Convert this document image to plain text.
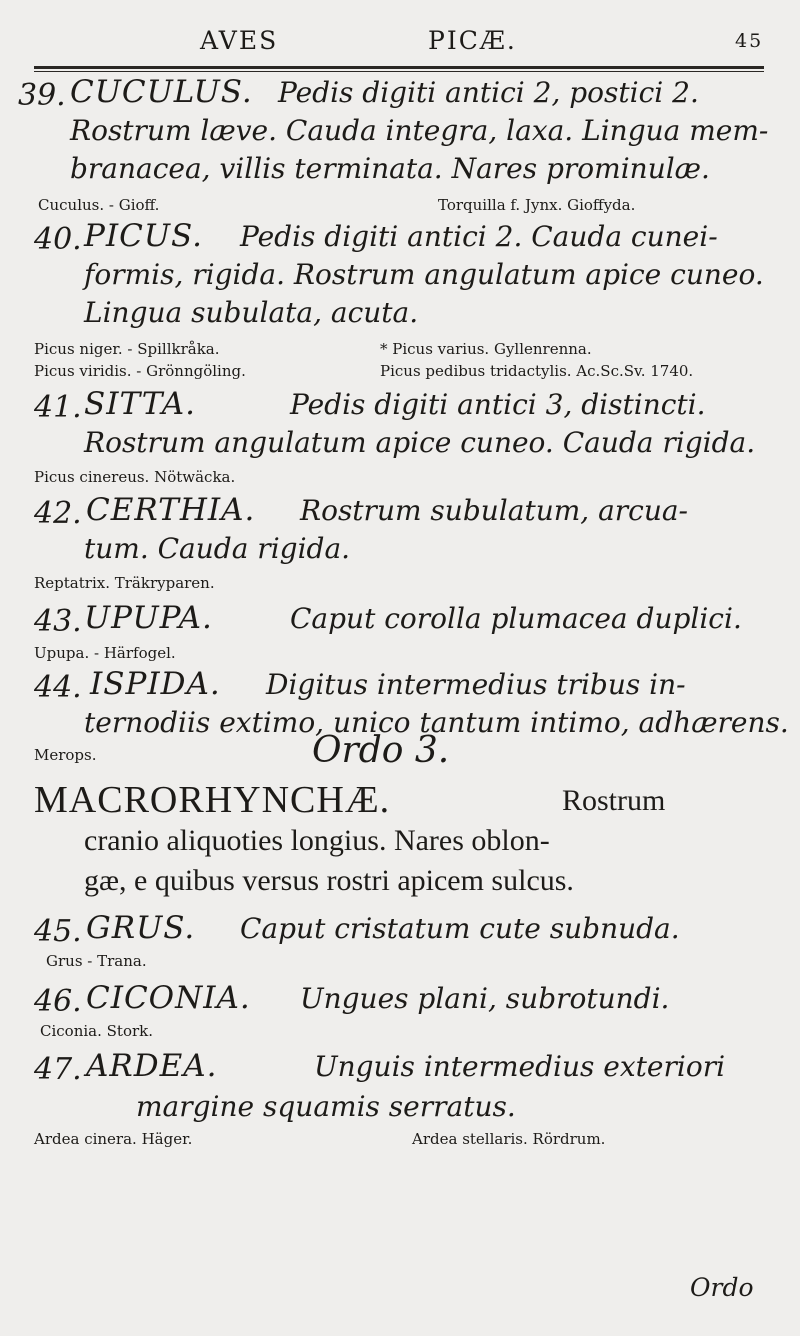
AVES	PICÆ.	45
39. CUCULUS. Pedis digiti antici 2, postici 2.
Rostrum læve. Cauda integra, laxa. Lingua mem-
branacea, villis terminata. Nares prominulæ.
Cuculus. - Gioff.	Torquilla f. Jynx. Gioffyda.
40. PICUS. Pedis digiti antici 2. Cauda cunei-
formis, rigida. Rostrum angulatum apice cuneo.
Lingua subulata, acuta.
Picus niger. - Spillkråka.	* Picus varius. Gyllenrenna.
Picus viridis. - Grönngöling.	Picus pedibus tridactylis. Ac.Sc.Sv. 1740.
41. SITTA.	Pedis digiti antici 3, distincti.
Rostrum angulatum apice cuneo. Cauda rigida.
Picus cinereus. Nötwäcka.
42. CERTHIA. Rostrum subulatum, arcua-
tum. Cauda rigida.
Reptatrix. Träkryparen.
43. UPUPA.	Caput corolla plumacea duplici.
Upupa. - Härfogel.
44. ISPIDA. Digitus intermedius tribus in-
ternodiis extimo, unico tantum intimo, adhærens.
Merops.	Ordo 3.
MACRORHYNCHÆ.	Rostrum
cranio aliquoties longius. Nares oblon-
gæ, e quibus versus rostri apicem sulcus.
45. GRUS. Caput cristatum cute subnuda.
Grus - Trana.
46. CICONIA. Ungues plani, subrotundi.
Ciconia. Stork.
47. ARDEA.	Unguis intermedius exteriori
margine squamis serratus.
Ardea cinera. Häger.	Ardea stellaris. Rördrum.
Ordo
